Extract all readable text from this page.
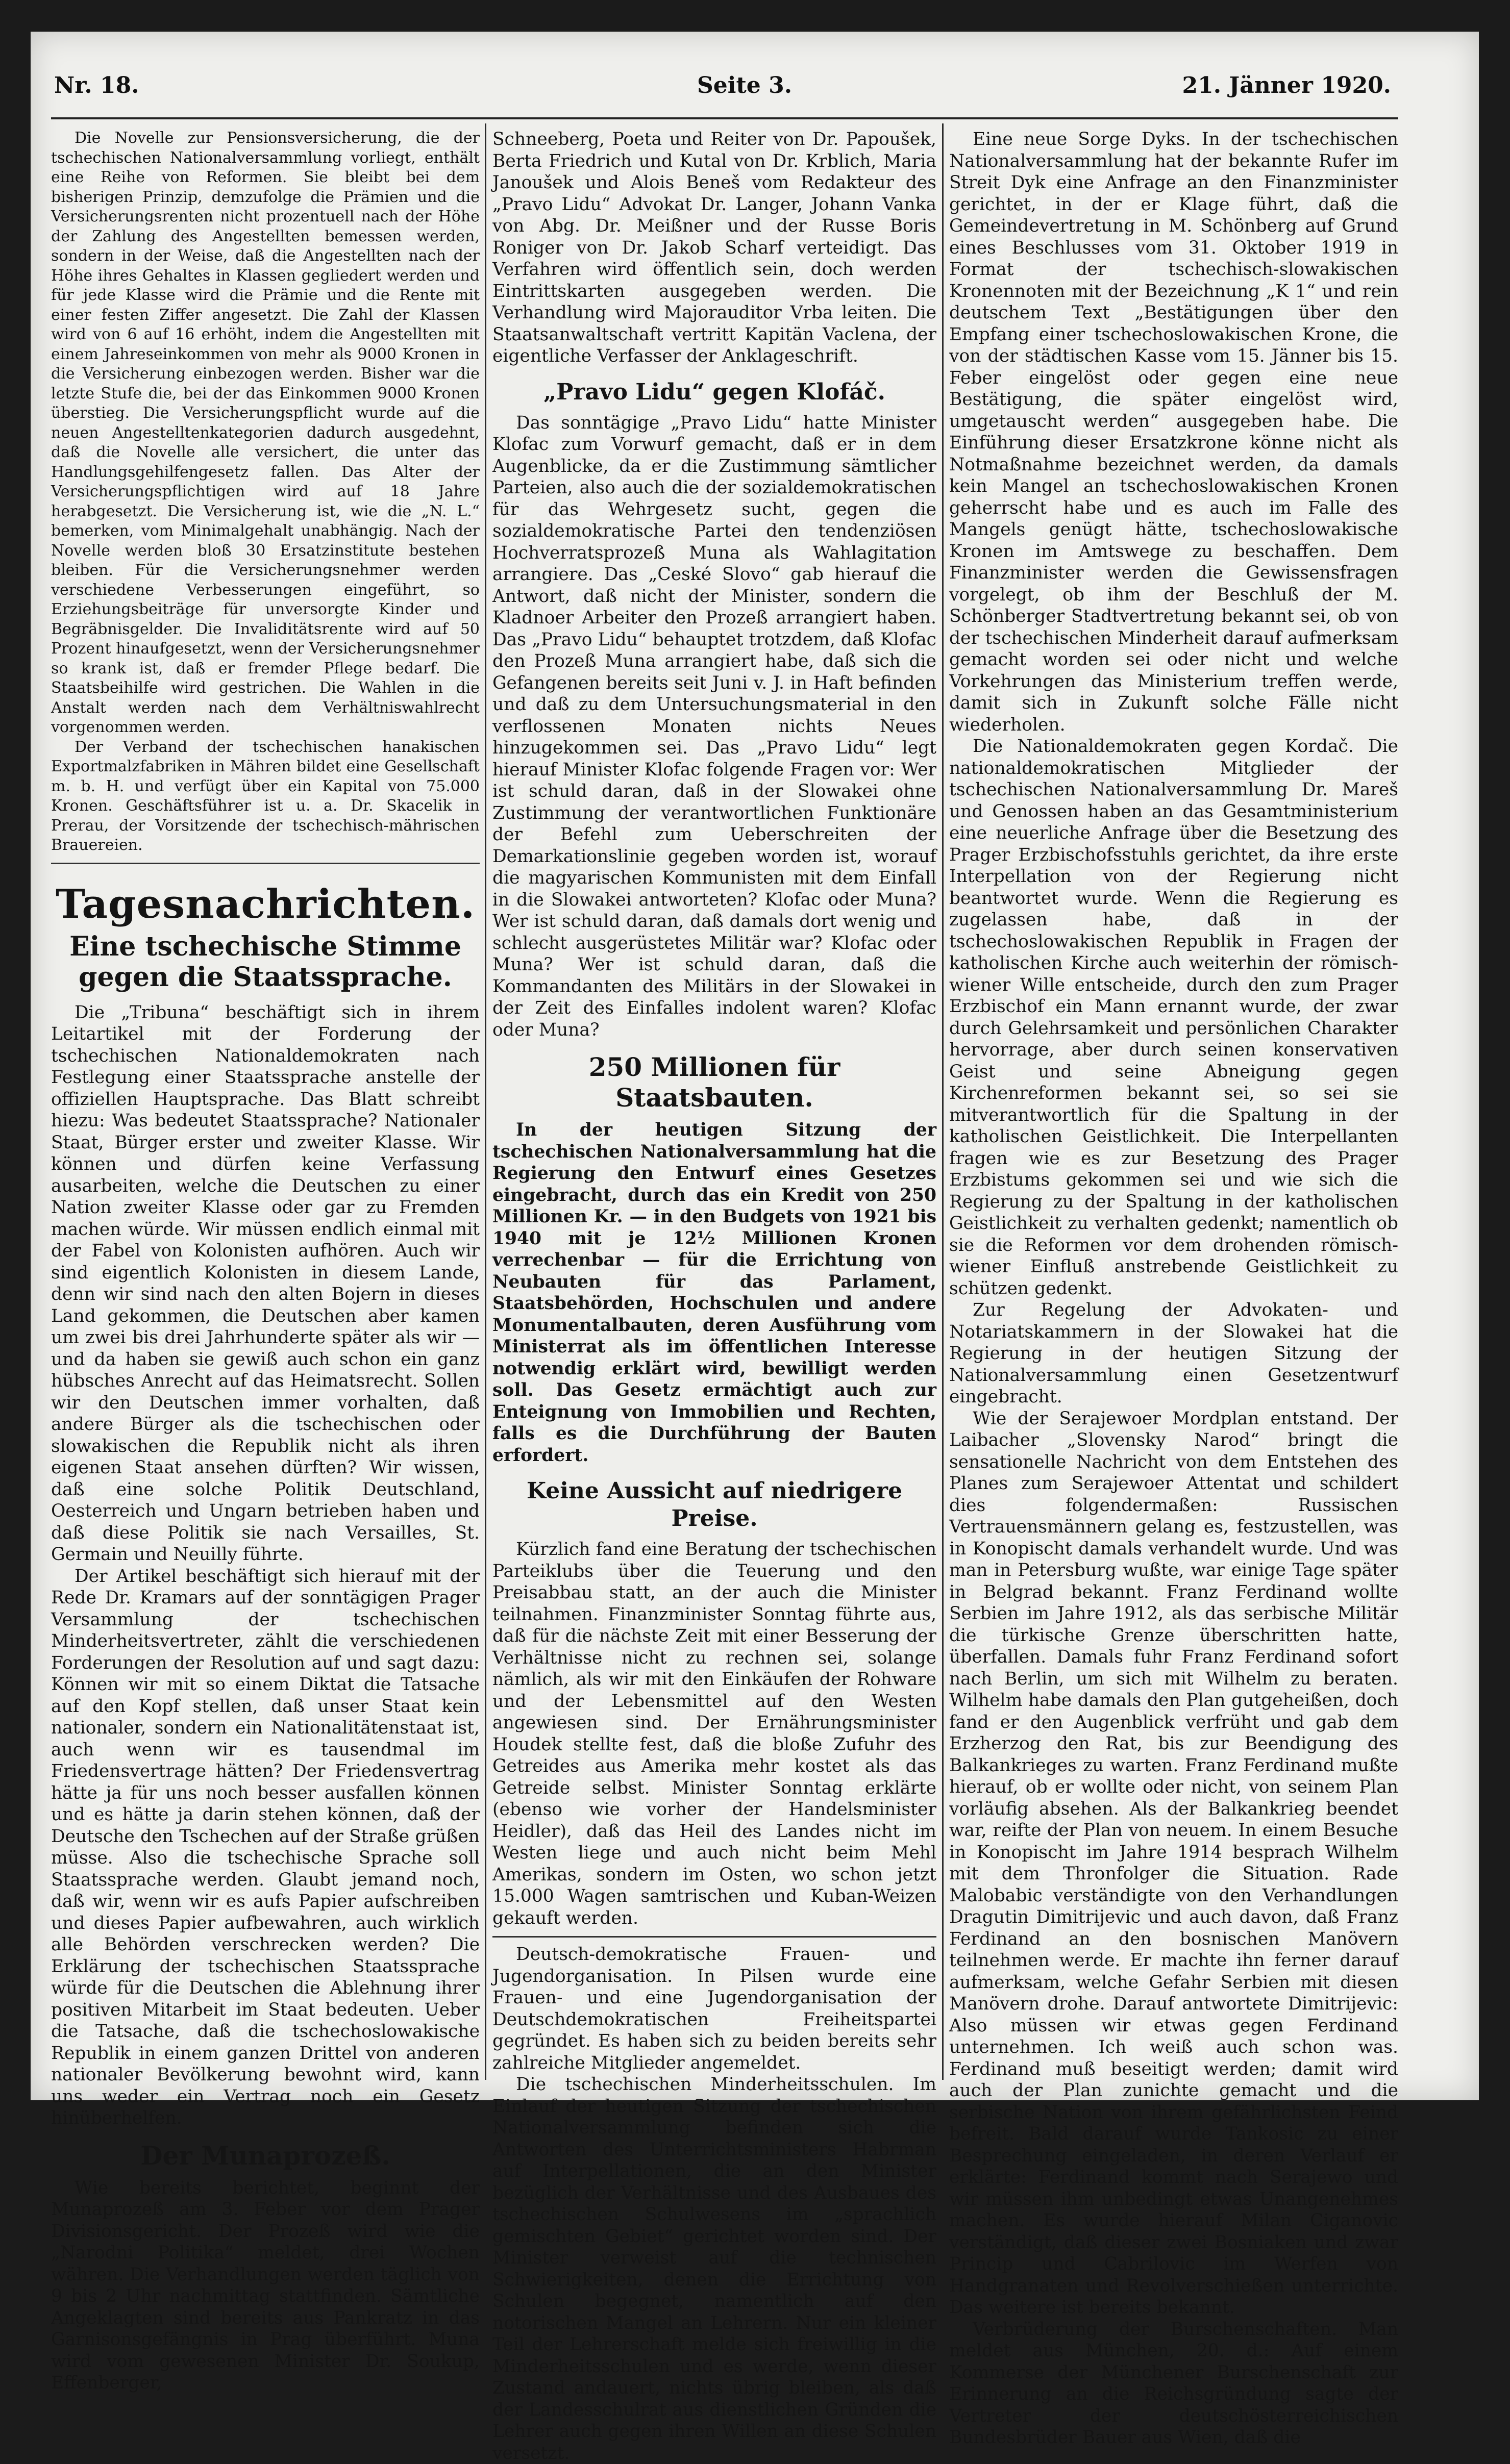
Nr. 18.	Seite 3.	21. Jänner 1920.

Die Novelle zur Pensionsversicherung, die der tschechischen Nationalversammlung vorliegt, enthält eine Reihe von Reformen. Sie bleibt bei dem bisherigen Prinzip, demzufolge die Prämien und die Versicherungsrenten nicht prozentuell nach der Höhe der Zahlung des Angestellten bemessen werden, sondern in der Weise, daß die Angestellten nach der Höhe ihres Gehaltes in Klassen gegliedert werden und für jede Klasse wird die Prämie und die Rente mit einer festen Ziffer angesetzt. Die Zahl der Klassen wird von 6 auf 16 erhöht, indem die Angestellten mit einem Jahreseinkommen von mehr als 9000 Kronen in die Versicherung einbezogen werden. Bisher war die letzte Stufe die, bei der das Einkommen 9000 Kronen überstieg. Die Versicherungspflicht wurde auf die neuen Angestelltenkategorien dadurch ausgedehnt, daß die Novelle alle versichert, die unter das Handlungsgehilfengesetz fallen. Das Alter der Versicherungspflichtigen wird auf 18 Jahre herabgesetzt. Die Versicherung ist, wie die „N. L.“ bemerken, vom Minimalgehalt unabhängig. Nach der Novelle werden bloß 30 Ersatzinstitute bestehen bleiben. Für die Versicherungsnehmer werden verschiedene Verbesserungen eingeführt, so Erziehungsbeiträge für unversorgte Kinder und Begräbnisgelder. Die Invaliditätsrente wird auf 50 Prozent hinaufgesetzt, wenn der Versicherungsnehmer so krank ist, daß er fremder Pflege bedarf. Die Staatsbeihilfe wird gestrichen. Die Wahlen in die Anstalt werden nach dem Verhältniswahlrecht vorgenommen werden.

Der Verband der tschechischen hanakischen Exportmalzfabriken in Mähren bildet eine Gesellschaft m. b. H. und verfügt über ein Kapital von 75.000 Kronen. Geschäftsführer ist u. a. Dr. Skacelik in Prerau, der Vorsitzende der tschechisch-mährischen Brauereien.

Tagesnachrichten.
Eine tschechische Stimme gegen die Staatssprache.

Die „Tribuna“ beschäftigt sich in ihrem Leitartikel mit der Forderung der tschechischen Nationaldemokraten nach Festlegung einer Staatssprache anstelle der offiziellen Hauptsprache. Das Blatt schreibt hiezu: Was bedeutet Staatssprache? Nationaler Staat, Bürger erster und zweiter Klasse. Wir können und dürfen keine Verfassung ausarbeiten, welche die Deutschen zu einer Nation zweiter Klasse oder gar zu Fremden machen würde. Wir müssen endlich einmal mit der Fabel von Kolonisten aufhören. Auch wir sind eigentlich Kolonisten in diesem Lande, denn wir sind nach den alten Bojern in dieses Land gekommen, die Deutschen aber kamen um zwei bis drei Jahrhunderte später als wir — und da haben sie gewiß auch schon ein ganz hübsches Anrecht auf das Heimatsrecht. Sollen wir den Deutschen immer vorhalten, daß andere Bürger als die tschechischen oder slowakischen die Republik nicht als ihren eigenen Staat ansehen dürften? Wir wissen, daß eine solche Politik Deutschland, Oesterreich und Ungarn betrieben haben und daß diese Politik sie nach Versailles, St. Germain und Neuilly führte.

Der Artikel beschäftigt sich hierauf mit der Rede Dr. Kramars auf der sonntägigen Prager Versammlung der tschechischen Minderheitsvertreter, zählt die verschiedenen Forderungen der Resolution auf und sagt dazu: Können wir mit so einem Diktat die Tatsache auf den Kopf stellen, daß unser Staat kein nationaler, sondern ein Nationalitätenstaat ist, auch wenn wir es tausendmal im Friedensvertrage hätten? Der Friedensvertrag hätte ja für uns noch besser ausfallen können und es hätte ja darin stehen können, daß der Deutsche den Tschechen auf der Straße grüßen müsse. Also die tschechische Sprache soll Staatssprache werden. Glaubt jemand noch, daß wir, wenn wir es aufs Papier aufschreiben und dieses Papier aufbewahren, auch wirklich alle Behörden verschrecken werden? Die Erklärung der tschechischen Staatssprache würde für die Deutschen die Ablehnung ihrer positiven Mitarbeit im Staat bedeuten. Ueber die Tatsache, daß die tschechoslowakische Republik in einem ganzen Drittel von anderen nationaler Bevölkerung bewohnt wird, kann uns weder ein Vertrag noch ein Gesetz hinüberhelfen.

Der Munaprozeß.

Wie bereits berichtet, beginnt der Munaprozeß am 3. Feber vor dem Prager Divisionsgericht. Der Prozeß wird wie die „Narodni Politika“ meldet, drei Wochen währen. Die Verhandlungen werden täglich von 9 bis 2 Uhr nachmittag stattfinden. Sämtliche Angeklagten sind bereits aus Pankratz in das Garnisonsgefängnis in Prag überführt. Muna wird vom gewesenen Minister Dr. Soukup, Effenberger,

Schneeberg, Poeta und Reiter von Dr. Papoušek, Berta Friedrich und Kutal von Dr. Krblich, Maria Janoušek und Alois Beneš vom Redakteur des „Pravo Lidu“ Advokat Dr. Langer, Johann Vanka von Abg. Dr. Meißner und der Russe Boris Roniger von Dr. Jakob Scharf verteidigt. Das Verfahren wird öffentlich sein, doch werden Eintrittskarten ausgegeben werden. Die Verhandlung wird Majorauditor Vrba leiten. Die Staatsanwaltschaft vertritt Kapitän Vaclena, der eigentliche Verfasser der Anklageschrift.

„Pravo Lidu“ gegen Klofáč.

Das sonntägige „Pravo Lidu“ hatte Minister Klofac zum Vorwurf gemacht, daß er in dem Augenblicke, da er die Zustimmung sämtlicher Parteien, also auch die der sozialdemokratischen für das Wehrgesetz sucht, gegen die sozialdemokratische Partei den tendenziösen Hochverratsprozeß Muna als Wahlagitation arrangiere. Das „Ceské Slovo“ gab hierauf die Antwort, daß nicht der Minister, sondern die Kladnoer Arbeiter den Prozeß arrangiert haben. Das „Pravo Lidu“ behauptet trotzdem, daß Klofac den Prozeß Muna arrangiert habe, daß sich die Gefangenen bereits seit Juni v. J. in Haft befinden und daß zu dem Untersuchungsmaterial in den verflossenen Monaten nichts Neues hinzugekommen sei. Das „Pravo Lidu“ legt hierauf Minister Klofac folgende Fragen vor: Wer ist schuld daran, daß in der Slowakei ohne Zustimmung der verantwortlichen Funktionäre der Befehl zum Ueberschreiten der Demarkationslinie gegeben worden ist, worauf die magyarischen Kommunisten mit dem Einfall in die Slowakei antworteten? Klofac oder Muna? Wer ist schuld daran, daß damals dort wenig und schlecht ausgerüstetes Militär war? Klofac oder Muna? Wer ist schuld daran, daß die Kommandanten des Militärs in der Slowakei in der Zeit des Einfalles indolent waren? Klofac oder Muna?

250 Millionen für Staatsbauten.

In der heutigen Sitzung der tschechischen Nationalversammlung hat die Regierung den Entwurf eines Gesetzes eingebracht, durch das ein Kredit von 250 Millionen Kr. — in den Budgets von 1921 bis 1940 mit je 12½ Millionen Kronen verrechenbar — für die Errichtung von Neubauten für das Parlament, Staatsbehörden, Hochschulen und andere Monumentalbauten, deren Ausführung vom Ministerrat als im öffentlichen Interesse notwendig erklärt wird, bewilligt werden soll. Das Gesetz ermächtigt auch zur Enteignung von Immobilien und Rechten, falls es die Durchführung der Bauten erfordert.

Keine Aussicht auf niedrigere Preise.

Kürzlich fand eine Beratung der tschechischen Parteiklubs über die Teuerung und den Preisabbau statt, an der auch die Minister teilnahmen. Finanzminister Sonntag führte aus, daß für die nächste Zeit mit einer Besserung der Verhältnisse nicht zu rechnen sei, solange nämlich, als wir mit den Einkäufen der Rohware und der Lebensmittel auf den Westen angewiesen sind. Der Ernährungsminister Houdek stellte fest, daß die bloße Zufuhr des Getreides aus Amerika mehr kostet als das Getreide selbst. Minister Sonntag erklärte (ebenso wie vorher der Handelsminister Heidler), daß das Heil des Landes nicht im Westen liege und auch nicht beim Mehl Amerikas, sondern im Osten, wo schon jetzt 15.000 Wagen samtrischen und Kuban-Weizen gekauft werden.

Deutsch-demokratische Frauen- und Jugendorganisation. In Pilsen wurde eine Frauen- und eine Jugendorganisation der Deutschdemokratischen Freiheitspartei gegründet. Es haben sich zu beiden bereits sehr zahlreiche Mitglieder angemeldet.

Die tschechischen Minderheitsschulen. Im Einlauf der heutigen Sitzung der tschechischen Nationalversammlung befinden sich die Antworten des Unterrichtsministers Habrman auf Interpellationen, die an den Minister bezüglich der Verhältnisse und des Ausbaues des tschechischen Schulwesens im „sprachlich gemischten Gebiet“ gerichtet worden sind. Der Minister verweist auf die technischen Schwierigkeiten, denen die Errichtung von Schulen begegnet, namentlich auf den notorischen Mangel an Lehrern. Nur ein kleiner Teil der Lehrerschaft melde sich freiwillig in die Minderheitsschulen und es werde, wenn dieser Zustand andauert, nichts übrig bleiben, als daß der Landesschulrat aus dienstlichen Gründen die Lehrer auch gegen ihren Willen an diese Schulen versetzt.

Eine neue Sorge Dyks. In der tschechischen Nationalversammlung hat der bekannte Rufer im Streit Dyk eine Anfrage an den Finanzminister gerichtet, in der er Klage führt, daß die Gemeindevertretung in M. Schönberg auf Grund eines Beschlusses vom 31. Oktober 1919 in Format der tschechisch-slowakischen Kronennoten mit der Bezeichnung „K 1“ und rein deutschem Text „Bestätigungen über den Empfang einer tschechoslowakischen Krone, die von der städtischen Kasse vom 15. Jänner bis 15. Feber eingelöst oder gegen eine neue Bestätigung, die später eingelöst wird, umgetauscht werden“ ausgegeben habe. Die Einführung dieser Ersatzkrone könne nicht als Notmaßnahme bezeichnet werden, da damals kein Mangel an tschechoslowakischen Kronen geherrscht habe und es auch im Falle des Mangels genügt hätte, tschechoslowakische Kronen im Amtswege zu beschaffen. Dem Finanzminister werden die Gewissensfragen vorgelegt, ob ihm der Beschluß der M. Schönberger Stadtvertretung bekannt sei, ob von der tschechischen Minderheit darauf aufmerksam gemacht worden sei oder nicht und welche Vorkehrungen das Ministerium treffen werde, damit sich in Zukunft solche Fälle nicht wiederholen.

Die Nationaldemokraten gegen Kordač. Die nationaldemokratischen Mitglieder der tschechischen Nationalversammlung Dr. Mareš und Genossen haben an das Gesamtministerium eine neuerliche Anfrage über die Besetzung des Prager Erzbischofsstuhls gerichtet, da ihre erste Interpellation von der Regierung nicht beantwortet wurde. Wenn die Regierung es zugelassen habe, daß in der tschechoslowakischen Republik in Fragen der katholischen Kirche auch weiterhin der römisch-wiener Wille entscheide, durch den zum Prager Erzbischof ein Mann ernannt wurde, der zwar durch Gelehrsamkeit und persönlichen Charakter hervorrage, aber durch seinen konservativen Geist und seine Abneigung gegen Kirchenreformen bekannt sei, so sei sie mitverantwortlich für die Spaltung in der katholischen Geistlichkeit. Die Interpellanten fragen wie es zur Besetzung des Prager Erzbistums gekommen sei und wie sich die Regierung zu der Spaltung in der katholischen Geistlichkeit zu verhalten gedenkt; namentlich ob sie die Reformen vor dem drohenden römisch-wiener Einfluß anstrebende Geistlichkeit zu schützen gedenkt.

Zur Regelung der Advokaten- und Notariatskammern in der Slowakei hat die Regierung in der heutigen Sitzung der Nationalversammlung einen Gesetzentwurf eingebracht.

Wie der Serajewoer Mordplan entstand. Der Laibacher „Slovensky Narod“ bringt die sensationelle Nachricht von dem Entstehen des Planes zum Serajewoer Attentat und schildert dies folgendermaßen: Russischen Vertrauensmännern gelang es, festzustellen, was in Konopischt damals verhandelt wurde. Und was man in Petersburg wußte, war einige Tage später in Belgrad bekannt. Franz Ferdinand wollte Serbien im Jahre 1912, als das serbische Militär die türkische Grenze überschritten hatte, überfallen. Damals fuhr Franz Ferdinand sofort nach Berlin, um sich mit Wilhelm zu beraten. Wilhelm habe damals den Plan gutgeheißen, doch fand er den Augenblick verfrüht und gab dem Erzherzog den Rat, bis zur Beendigung des Balkankrieges zu warten. Franz Ferdinand mußte hierauf, ob er wollte oder nicht, von seinem Plan vorläufig absehen. Als der Balkankrieg beendet war, reifte der Plan von neuem. In einem Besuche in Konopischt im Jahre 1914 besprach Wilhelm mit dem Thronfolger die Situation. Rade Malobabic verständigte von den Verhandlungen Dragutin Dimitrijevic und auch davon, daß Franz Ferdinand an den bosnischen Manövern teilnehmen werde. Er machte ihn ferner darauf aufmerksam, welche Gefahr Serbien mit diesen Manövern drohe. Darauf antwortete Dimitrijevic: Also müssen wir etwas gegen Ferdinand unternehmen. Ich weiß auch schon was. Ferdinand muß beseitigt werden; damit wird auch der Plan zunichte gemacht und die serbische Nation von ihrem gefährlichsten Feind befreit. Bald darauf wurde Tankosic zu einer Besprechung eingeladen, in deren Verlauf er erklärte: Ferdinand kommt nach Serajewo und wir müssen ihm unbedingt etwas Unangenehmes machen. Es wurde hierauf Milan Ciganovic verständigt, daß dieser zwei Bosniaken und zwar Princip und Cabrilovic im Werfen von Handgranaten und Revolverschießen unterrichte. Das weitere ist bereits bekannt.

Verbrüderung der Burschenschaften. Man meldet aus München, 20. d.: Auf einem Kommerse der Münchener Burschenschaft zur Erinnerung an die Reichsgründung sagte der Vertreter der deutschösterreichischen Bundesbrüder Bauer aus Wien, daß die
